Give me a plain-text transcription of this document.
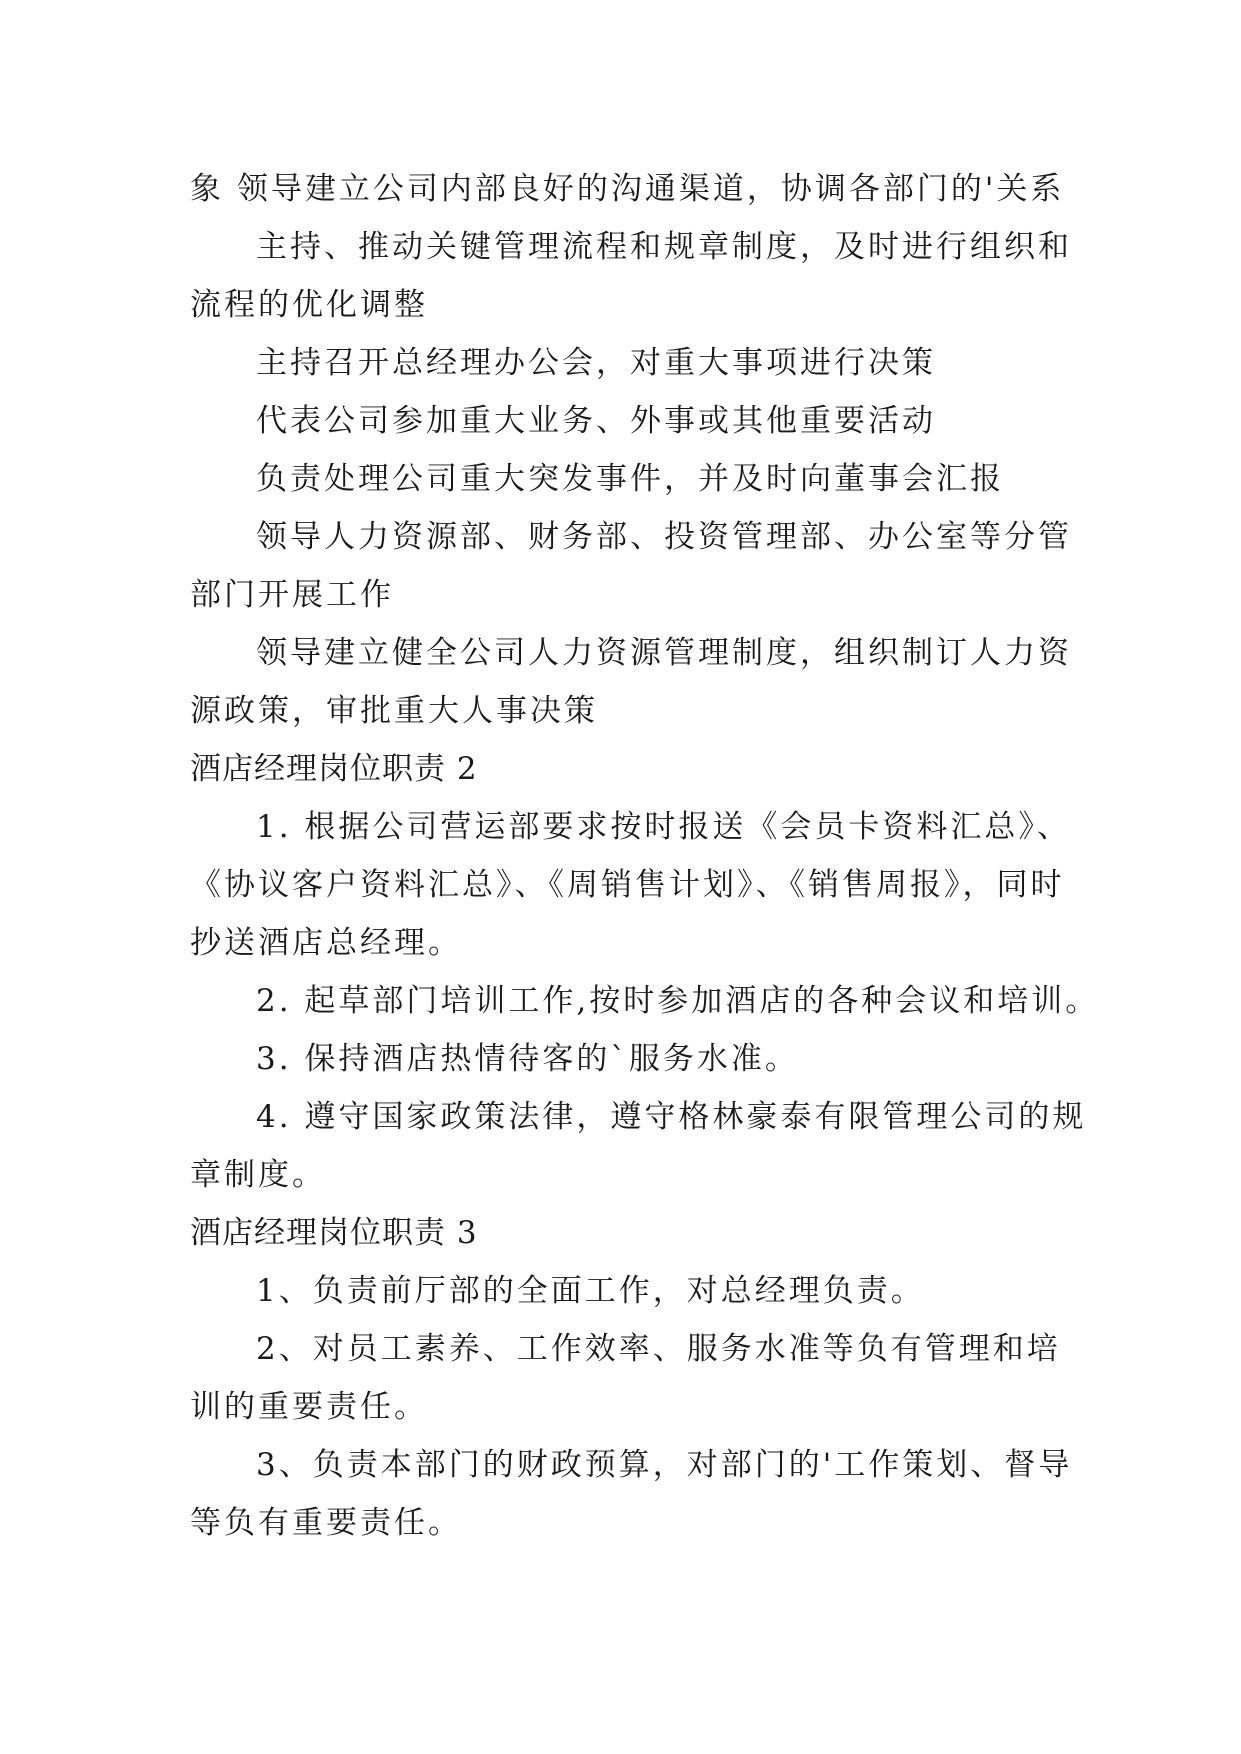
象 领导建立公司内部良好的沟通渠道，协调各部门的'关系
主持、推动关键管理流程和规章制度，及时进行组织和
流程的优化调整
主持召开总经理办公会，对重大事项进行决策
代表公司参加重大业务、外事或其他重要活动
负责处理公司重大突发事件，并及时向董事会汇报
领导人力资源部、财务部、投资管理部、办公室等分管
部门开展工作
领导建立健全公司人力资源管理制度，组织制订人力资
源政策，审批重大人事决策
酒店经理岗位职责 2
1. 根据公司营运部要求按时报送《会员卡资料汇总》、
《协议客户资料汇总》、《周销售计划》、《销售周报》，同时
抄送酒店总经理。
2. 起草部门培训工作,按时参加酒店的各种会议和培训。
3. 保持酒店热情待客的`服务水准。
4. 遵守国家政策法律，遵守格林豪泰有限管理公司的规
章制度。
酒店经理岗位职责 3
1、负责前厅部的全面工作，对总经理负责。
2、对员工素养、工作效率、服务水准等负有管理和培
训的重要责任。
3、负责本部门的财政预算，对部门的'工作策划、督导
等负有重要责任。
